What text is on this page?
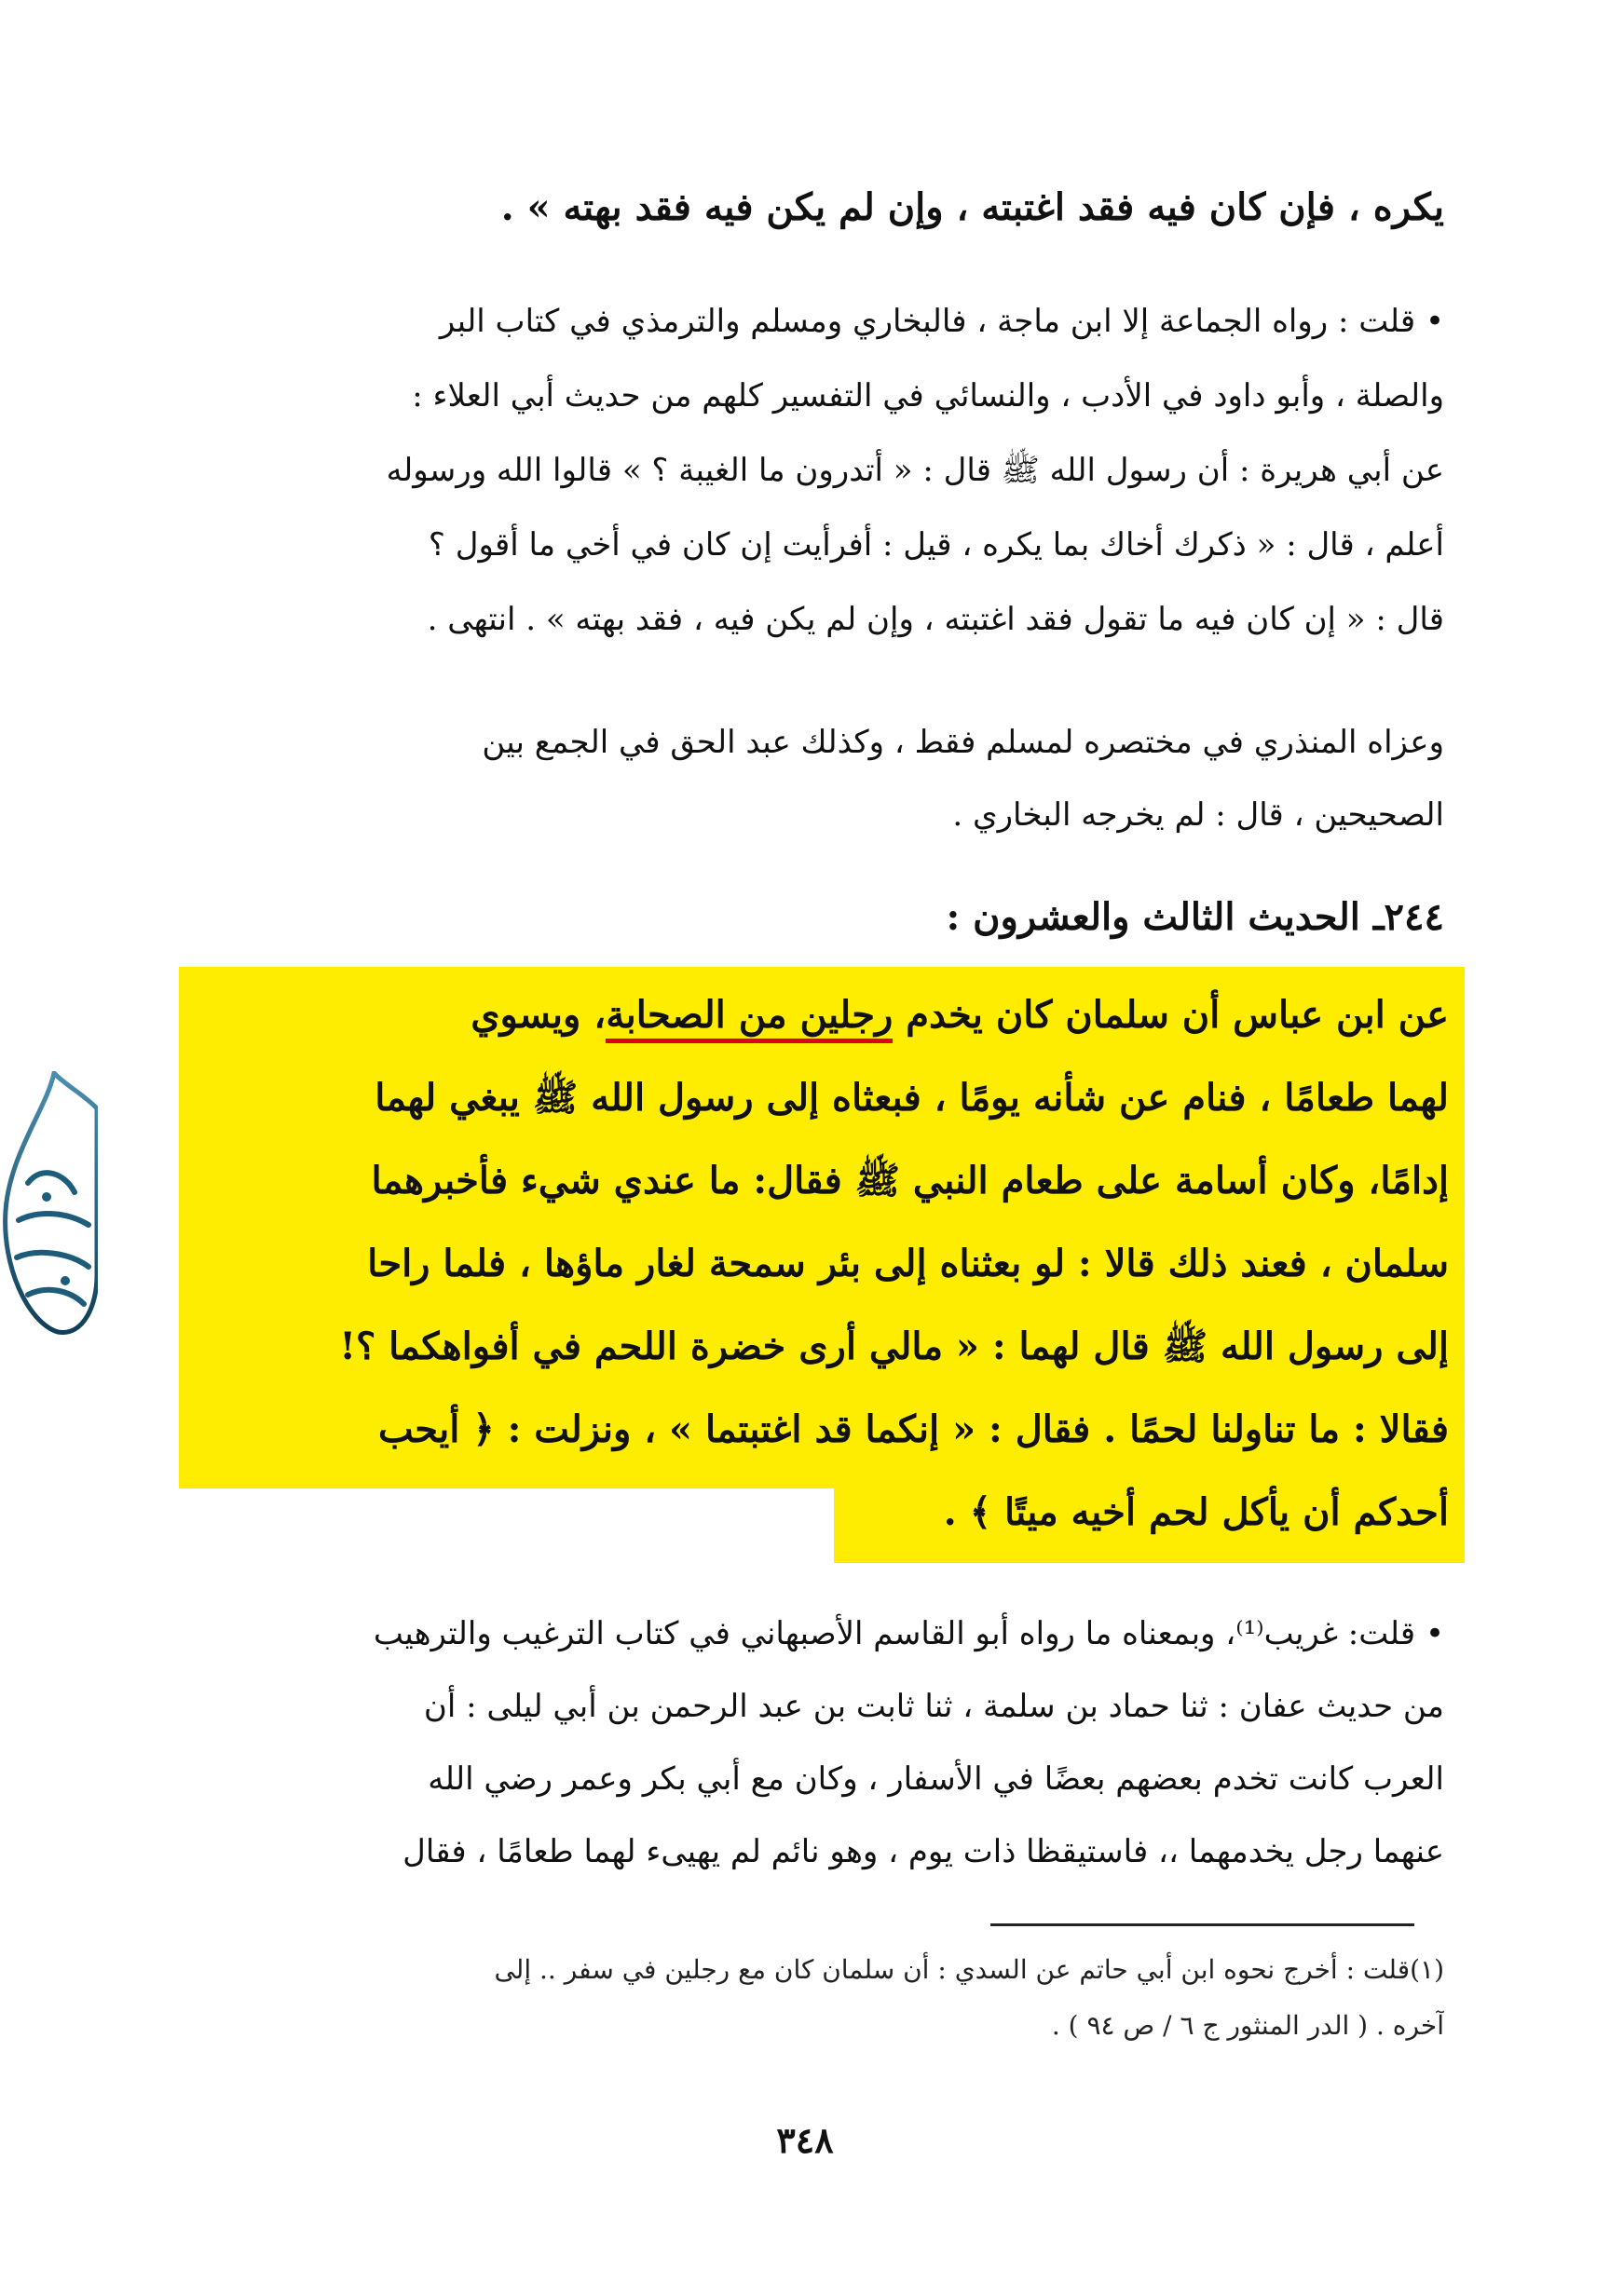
يكره ، فإن كان فيه فقد اغتبته ، وإن لم يكن فيه فقد بهته » .
• قلت : رواه الجماعة إلا ابن ماجة ، فالبخاري ومسلم والترمذي في كتاب البر
والصلة ، وأبو داود في الأدب ، والنسائي في التفسير كلهم من حديث أبي العلاء :
عن أبي هريرة : أن رسول الله ﷺ قال : « أتدرون ما الغيبة ؟ » قالوا الله ورسوله
أعلم ، قال : « ذكرك أخاك بما يكره ، قيل : أفرأيت إن كان في أخي ما أقول ؟
قال : « إن كان فيه ما تقول فقد اغتبته ، وإن لم يكن فيه ، فقد بهته » . انتهى .
وعزاه المنذري في مختصره لمسلم فقط ، وكذلك عبد الحق في الجمع بين
الصحيحين ، قال : لم يخرجه البخاري .
٢٤٤ـ الحديث الثالث والعشرون :
عن ابن عباس أن سلمان كان يخدم رجلين من الصحابة، ويسوي
لهما طعامًا ، فنام عن شأنه يومًا ، فبعثاه إلى رسول الله ﷺ يبغي لهما
إدامًا، وكان أسامة على طعام النبي ﷺ فقال: ما عندي شيء فأخبرهما
سلمان ، فعند ذلك قالا : لو بعثناه إلى بئر سمحة لغار ماؤها ، فلما راحا
إلى رسول الله ﷺ قال لهما : « مالي أرى خضرة اللحم في أفواهكما ؟!
فقالا : ما تناولنا لحمًا . فقال : « إنكما قد اغتبتما » ، ونزلت : ﴿ أيحب
أحدكم أن يأكل لحم أخيه ميتًا ﴾ .
• قلت: غريب⁽¹⁾، وبمعناه ما رواه أبو القاسم الأصبهاني في كتاب الترغيب والترهيب
من حديث عفان : ثنا حماد بن سلمة ، ثنا ثابت بن عبد الرحمن بن أبي ليلى : أن
العرب كانت تخدم بعضهم بعضًا في الأسفار ، وكان مع أبي بكر وعمر رضي الله
عنهما رجل يخدمهما ،، فاستيقظا ذات يوم ، وهو نائم لم يهيىء لهما طعامًا ، فقال
(١)قلت : أخرج نحوه ابن أبي حاتم عن السدي : أن سلمان كان مع رجلين في سفر .. إلى
آخره . ( الدر المنثور ج ٦ / ص ٩٤ ) .
٣٤٨
